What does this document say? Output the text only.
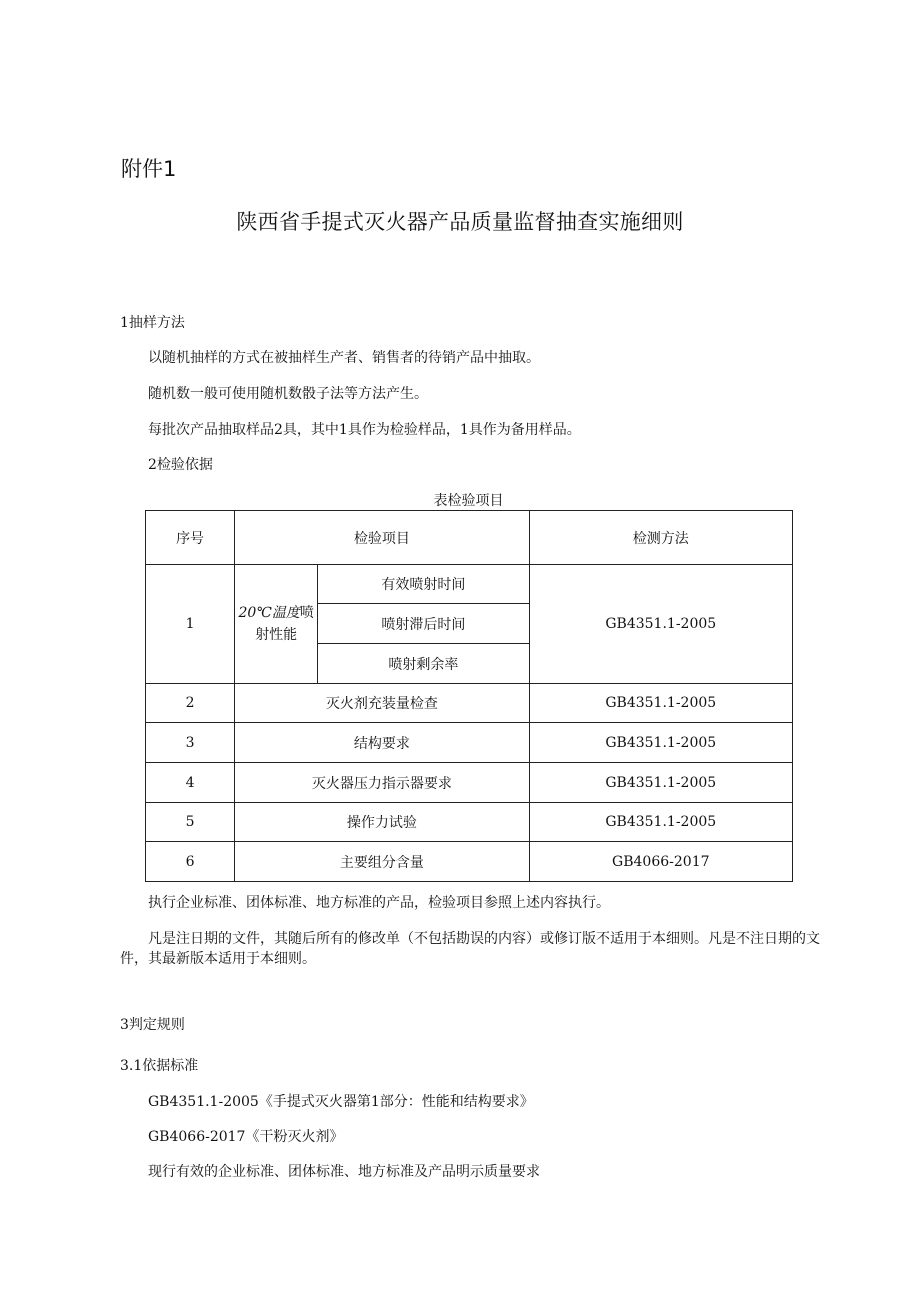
附件1
陕西省手提式灭火器产品质量监督抽查实施细则
1抽样方法
以随机抽样的方式在被抽样生产者、销售者的待销产品中抽取。
随机数一般可使用随机数骰子法等方法产生。
每批次产品抽取样品2具，其中1具作为检验样品，1具作为备用样品。
2检验依据
表检验项目
序号	检验项目		检测方法
1	20℃温度喷射性能	有效喷射时间	GB4351.1-2005
		喷射滞后时间	
		喷射剩余率	
2	灭火剂充装量检查		GB4351.1-2005
3	结构要求		GB4351.1-2005
4	灭火器压力指示器要求		GB4351.1-2005
5	操作力试验		GB4351.1-2005
6	主要组分含量		GB4066-2017
执行企业标准、团体标准、地方标准的产品，检验项目参照上述内容执行。
凡是注日期的文件，其随后所有的修改单（不包括勘误的内容）或修订版不适用于本细则。凡是不注日期的文件，其最新版本适用于本细则。
3判定规则
3.1依据标准
GB4351.1-2005《手提式灭火器第1部分：性能和结构要求》
GB4066-2017《干粉灭火剂》
现行有效的企业标准、团体标准、地方标准及产品明示质量要求
